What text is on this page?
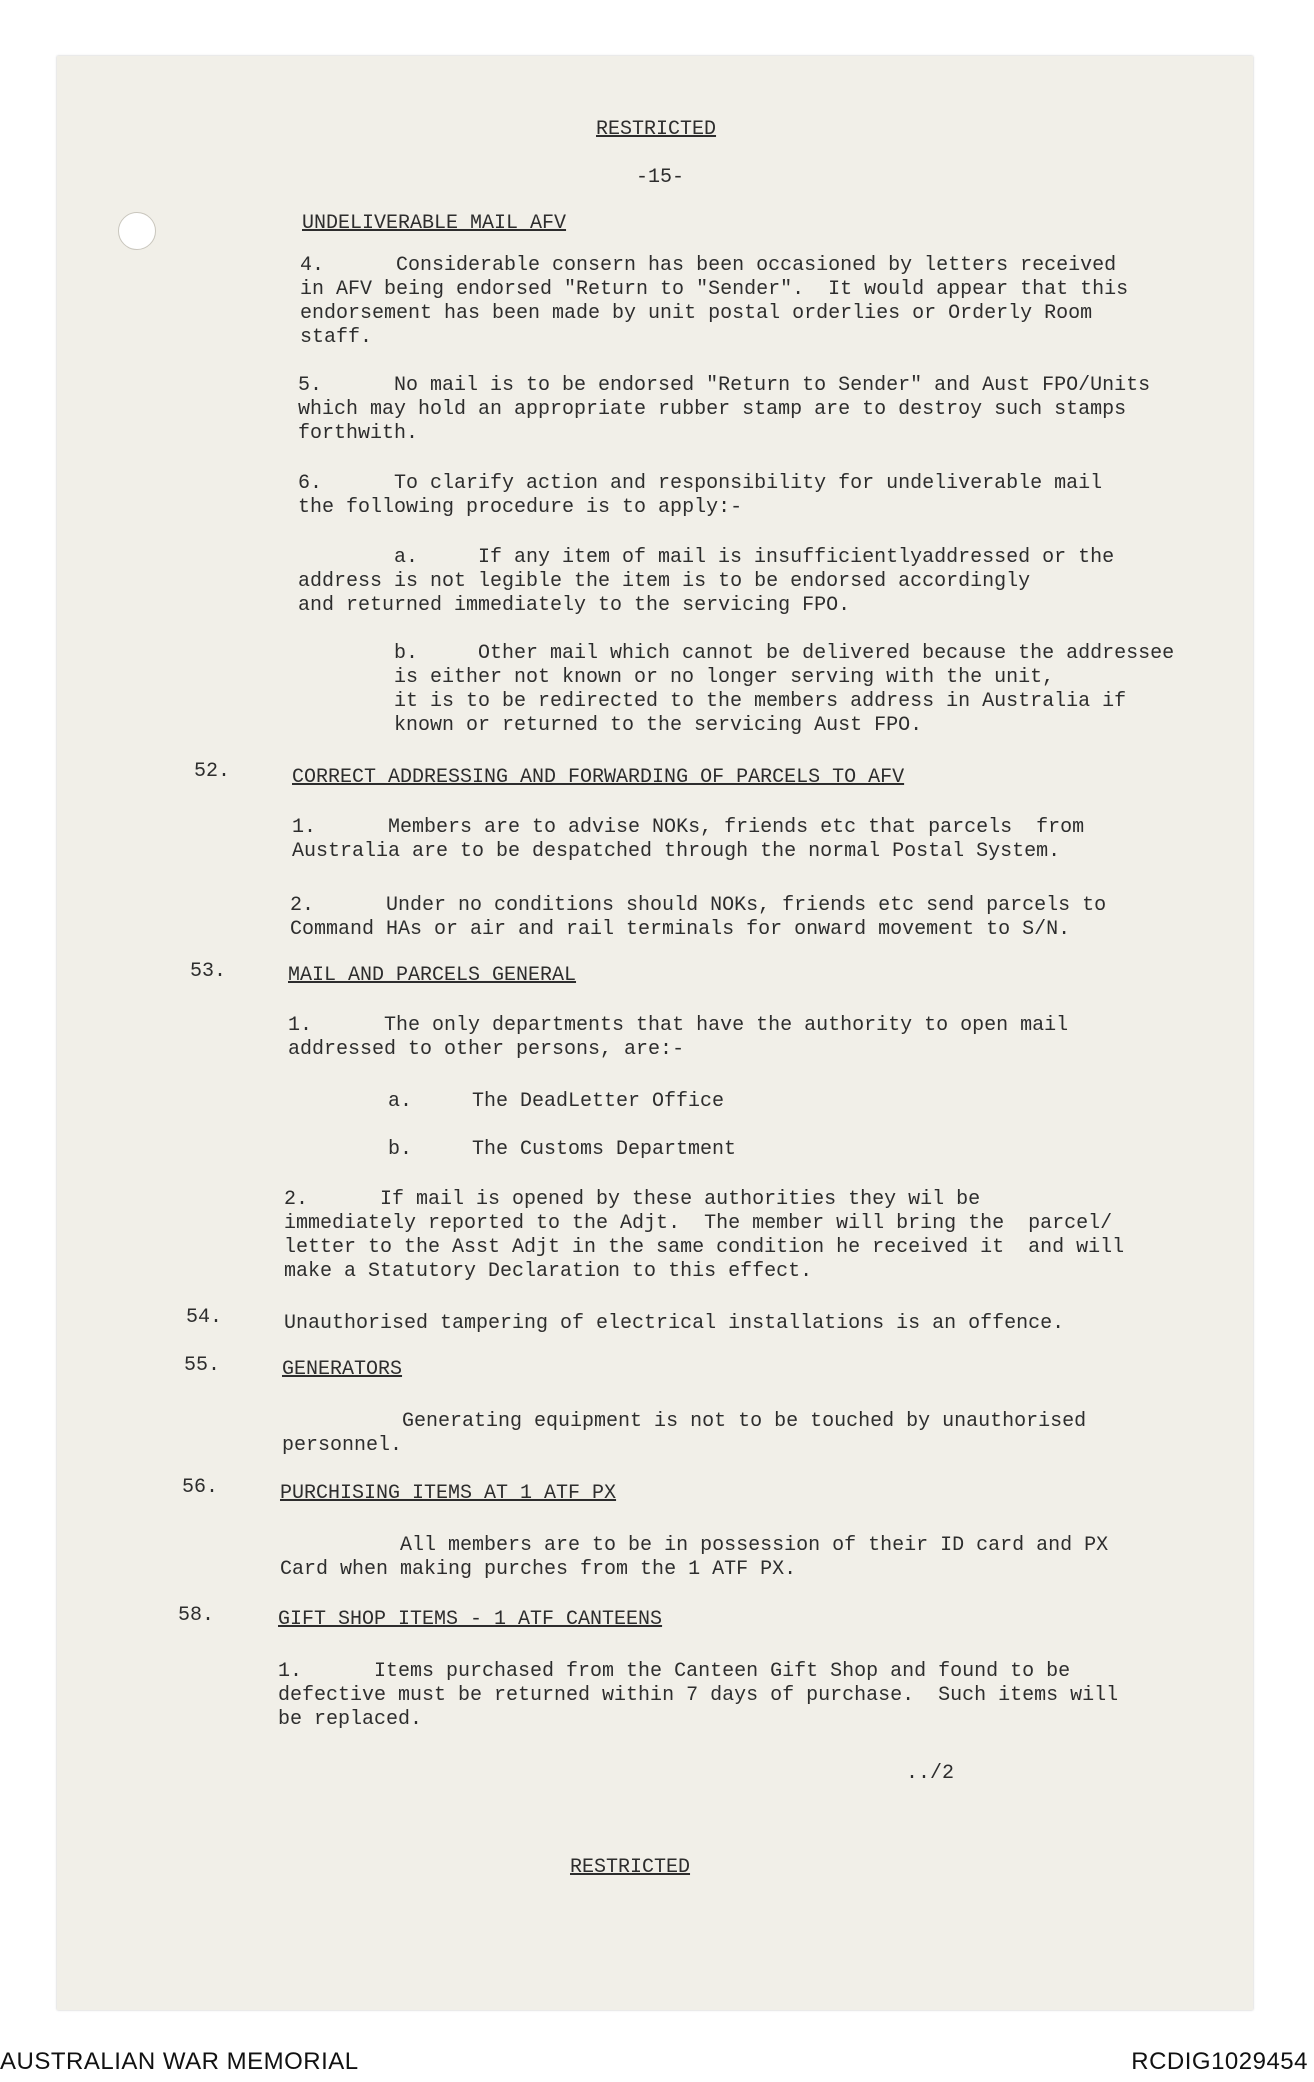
RESTRICTED
-15-
UNDELIVERABLE MAIL AFV
4.      Considerable consern has been occasioned by letters received
in AFV being endorsed "Return to "Sender".  It would appear that this
endorsement has been made by unit postal orderlies or Orderly Room
staff.
5.      No mail is to be endorsed "Return to Sender" and Aust FPO/Units
which may hold an appropriate rubber stamp are to destroy such stamps
forthwith.
6.      To clarify action and responsibility for undeliverable mail
the following procedure is to apply:-
a.     If any item of mail is insufficientlyaddressed or the
address is not legible the item is to be endorsed accordingly
and returned immediately to the servicing FPO.
b.     Other mail which cannot be delivered because the addressee
is either not known or no longer serving with the unit,
it is to be redirected to the members address in Australia if
known or returned to the servicing Aust FPO.
52.	CORRECT ADDRESSING AND FORWARDING OF PARCELS TO AFV
1.      Members are to advise NOKs, friends etc that parcels  from
Australia are to be despatched through the normal Postal System.
2.      Under no conditions should NOKs, friends etc send parcels to
Command HAs or air and rail terminals for onward movement to S/N.
53.	MAIL AND PARCELS GENERAL
1.      The only departments that have the authority to open mail
addressed to other persons, are:-
a.     The DeadLetter Office
b.     The Customs Department
2.      If mail is opened by these authorities they wil be
immediately reported to the Adjt.  The member will bring the  parcel/
letter to the Asst Adjt in the same condition he received it  and will
make a Statutory Declaration to this effect.
54.	Unauthorised tampering of electrical installations is an offence.
55.	GENERATORS
Generating equipment is not to be touched by unauthorised
personnel.
56.	PURCHISING ITEMS AT 1 ATF PX
All members are to be in possession of their ID card and PX
Card when making purches from the 1 ATF PX.
58.	GIFT SHOP ITEMS - 1 ATF CANTEENS
1.      Items purchased from the Canteen Gift Shop and found to be
defective must be returned within 7 days of purchase.  Such items will
be replaced.
../2
RESTRICTED
AUSTRALIAN WAR MEMORIAL	RCDIG1029454
